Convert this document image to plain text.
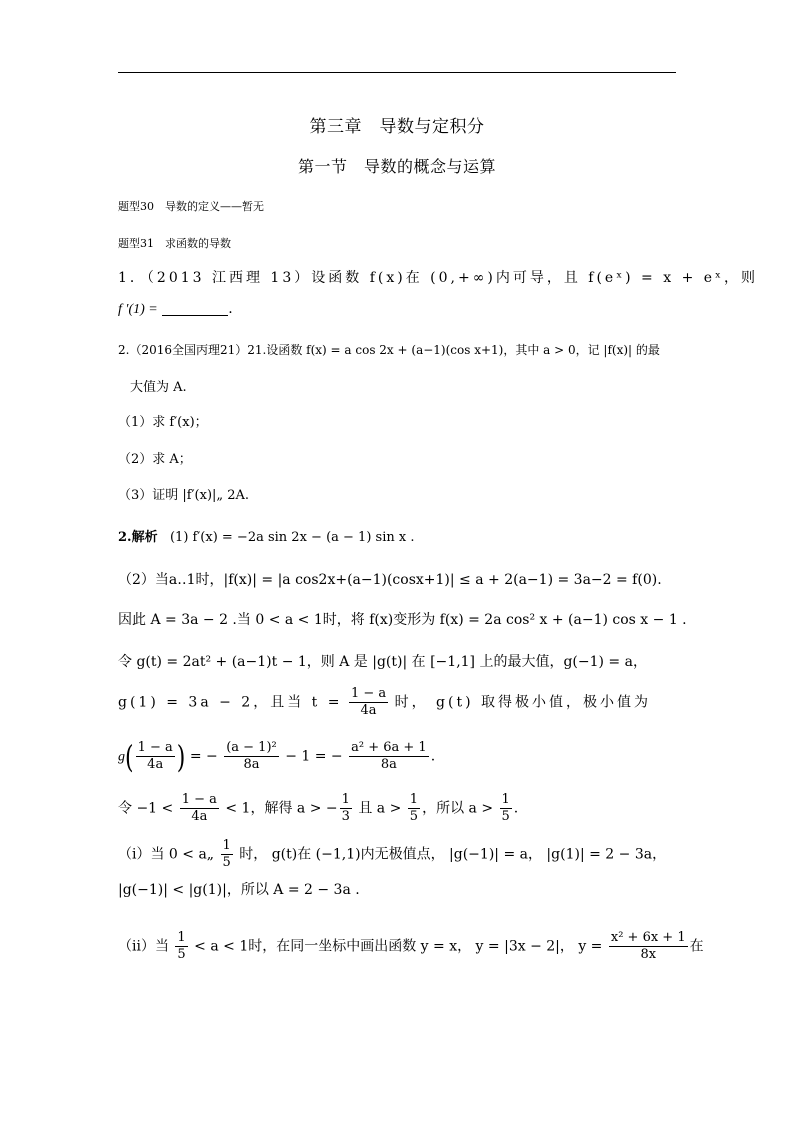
第三章　导数与定积分
第一节　导数的概念与运算
题型30　导数的定义——暂无
题型31　求函数的导数
1．（2013 江西理 13）设函数 f(x)在 (0,+∞)内可导，且 f(eˣ) = x + eˣ，则
f ′(1) =	.
2.（2016全国丙理21）21.设函数 f(x) = a cos 2x + (a−1)(cos x+1)，其中 a > 0，记 |f(x)| 的最
大值为 A.
（1）求 f′(x)；
（2）求 A；
（3）证明 |f′(x)|„ 2A.
2.解析 (1) f′(x) = −2a sin 2x − (a − 1) sin x .
（2）当a‥1时，|f(x)| = |a cos2x+(a−1)(cosx+1)| ≤ a + 2(a−1) = 3a−2 = f(0).
因此 A = 3a − 2 .当 0 < a < 1时，将 f(x)变形为 f(x) = 2a cos² x + (a−1) cos x − 1 .
令 g(t) = 2at² + (a−1)t − 1，则 A 是 |g(t)| 在 [−1,1] 上的最大值，g(−1) = a，
g(1) = 3a − 2，且当 $t = \frac{1 - a}{4a}$ 时， g(t) 取得极小值，极小值为
$g( \frac{1 - a}{4a}$ ) = − $\frac{\text{(a − 1)²}}{8a} - 1$ = − $\frac{\text{a² + 6a + 1}}{8a}$ .
令 $-1 < \frac{1 - a}{4a} < 1$，解得 a > − $\frac{1}{3}$ 且 $a > \frac{1}{5}$ ，所以 $a > \frac{1}{5}$ .
（ⅰ）当 0 < a„ $\frac{1}{5}$ 时， g(t)在 (−1,1)内无极值点， |g(−1)| = a， |g(1)| = 2 − 3a，
|g(−1)| < |g(1)|，所以 A = 2 − 3a .
（ⅱ）当 $\frac{1}{5} < a < 1$时，在同一坐标中画出函数 y = x， y = |3x − 2|， $y = \frac{\text{x² + 6x + 1}}{8x}$ 在
